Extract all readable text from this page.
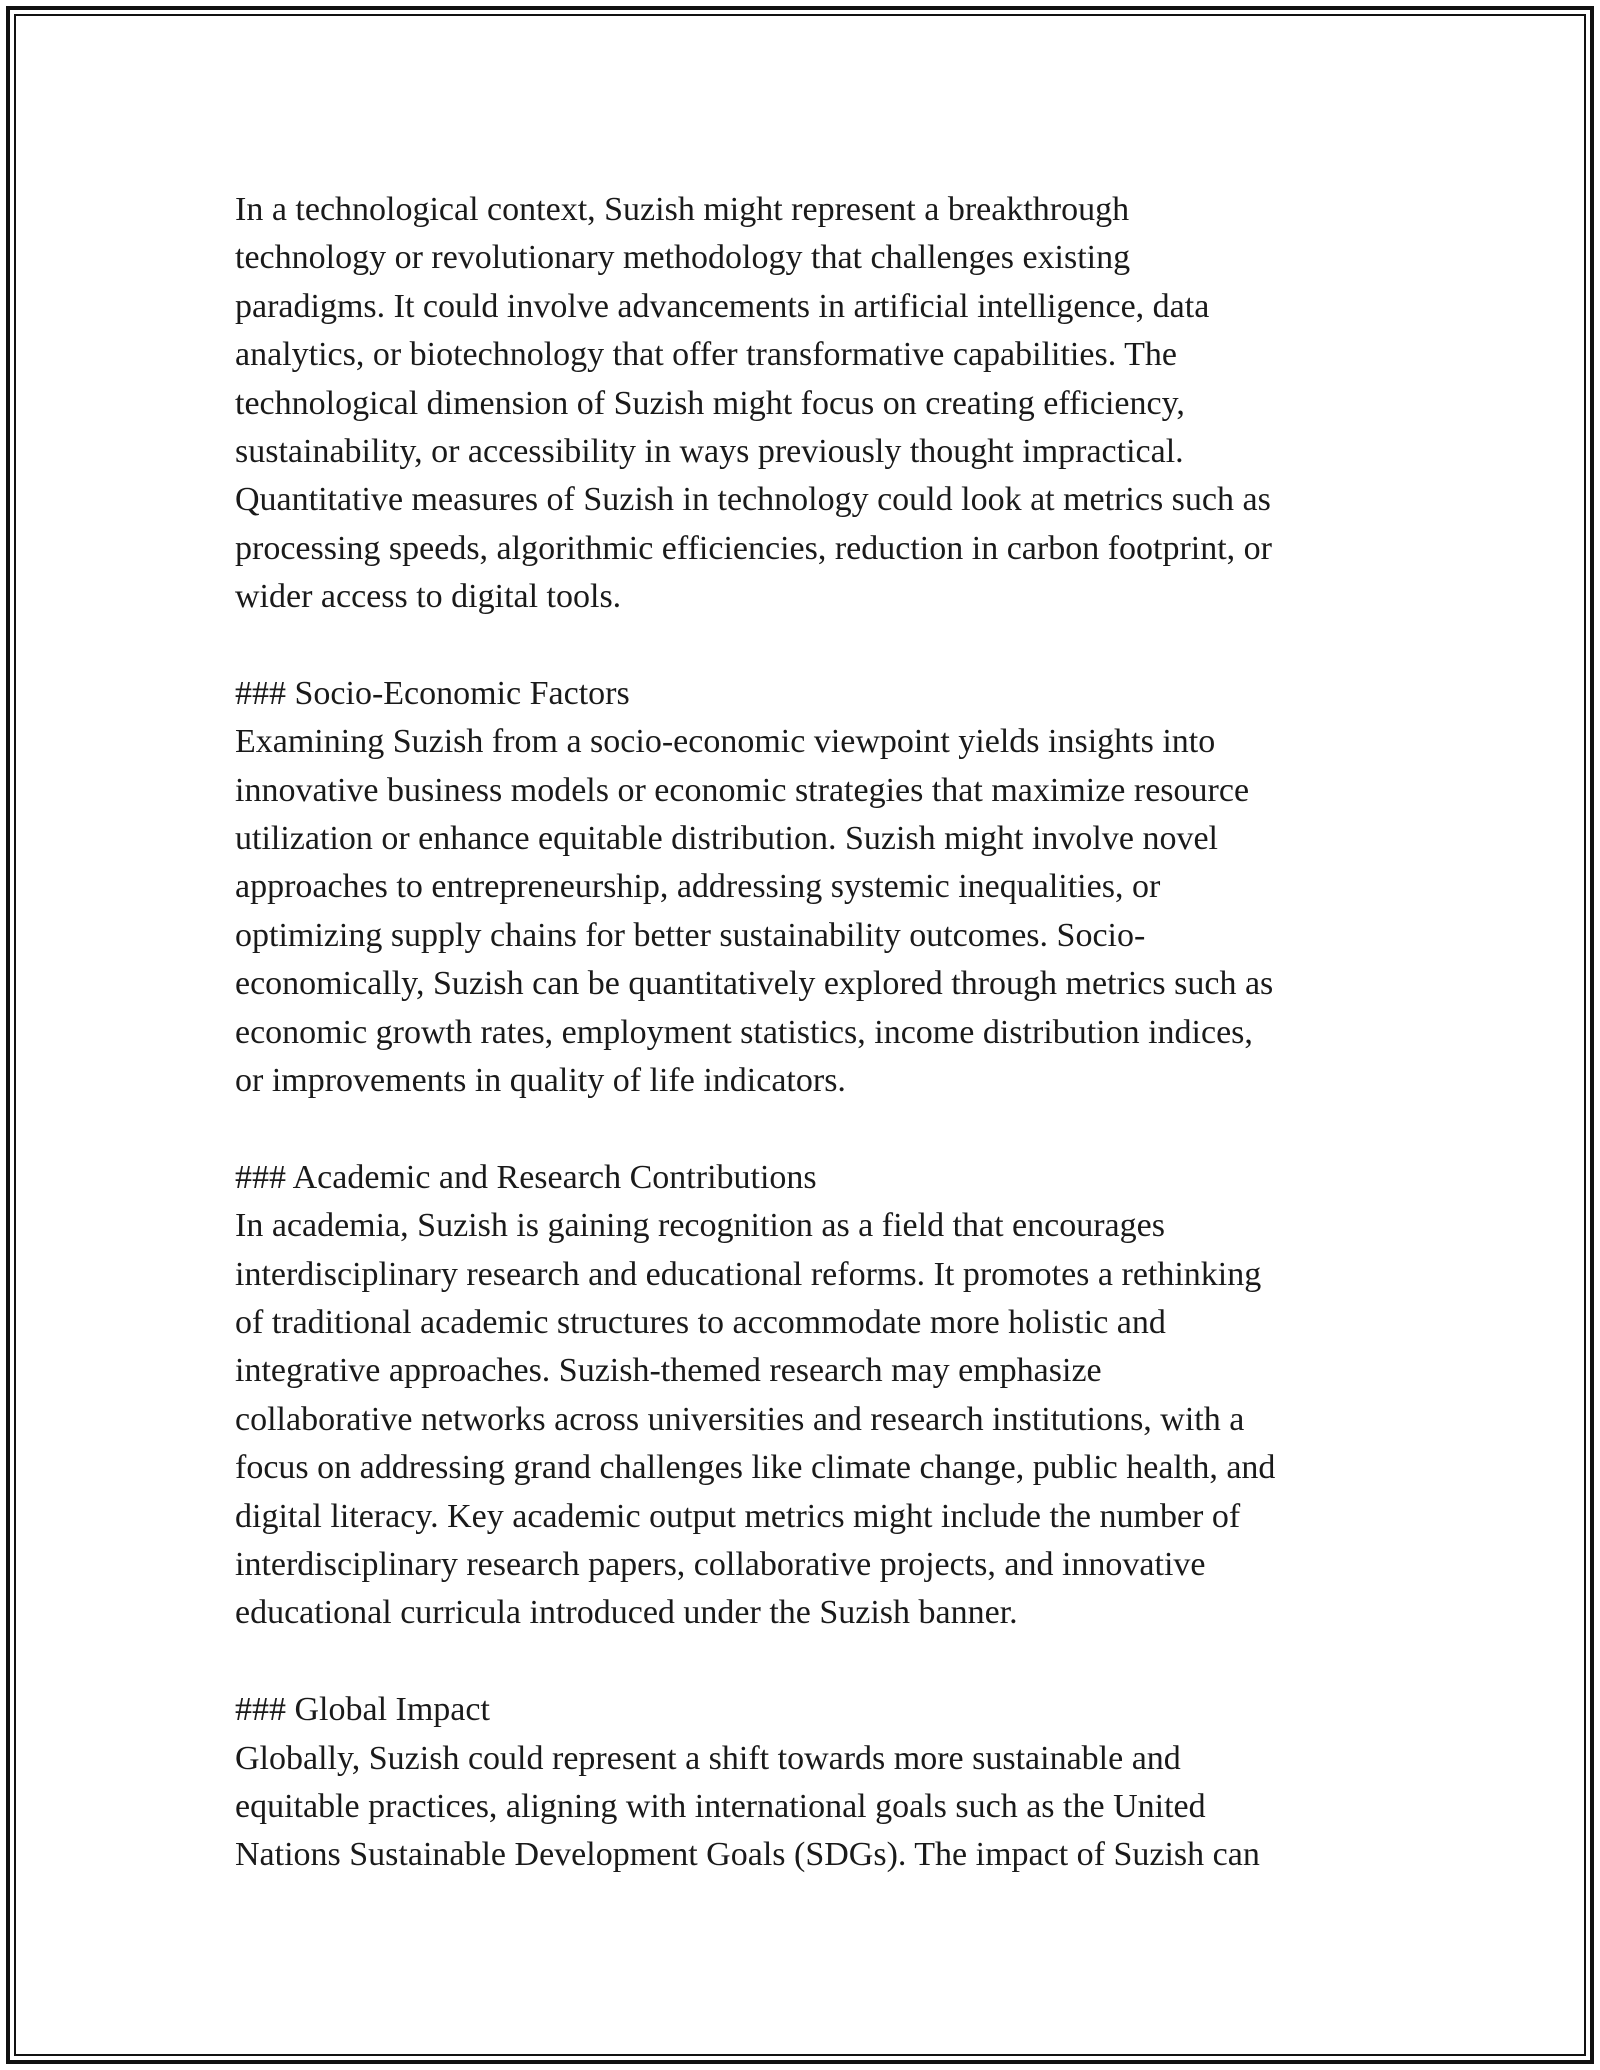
In a technological context, Suzish might represent a breakthrough
technology or revolutionary methodology that challenges existing
paradigms. It could involve advancements in artificial intelligence, data
analytics, or biotechnology that offer transformative capabilities. The
technological dimension of Suzish might focus on creating efficiency,
sustainability, or accessibility in ways previously thought impractical.
Quantitative measures of Suzish in technology could look at metrics such as
processing speeds, algorithmic efficiencies, reduction in carbon footprint, or
wider access to digital tools.
### Socio-Economic Factors
Examining Suzish from a socio-economic viewpoint yields insights into
innovative business models or economic strategies that maximize resource
utilization or enhance equitable distribution. Suzish might involve novel
approaches to entrepreneurship, addressing systemic inequalities, or
optimizing supply chains for better sustainability outcomes. Socio-
economically, Suzish can be quantitatively explored through metrics such as
economic growth rates, employment statistics, income distribution indices,
or improvements in quality of life indicators.
### Academic and Research Contributions
In academia, Suzish is gaining recognition as a field that encourages
interdisciplinary research and educational reforms. It promotes a rethinking
of traditional academic structures to accommodate more holistic and
integrative approaches. Suzish-themed research may emphasize
collaborative networks across universities and research institutions, with a
focus on addressing grand challenges like climate change, public health, and
digital literacy. Key academic output metrics might include the number of
interdisciplinary research papers, collaborative projects, and innovative
educational curricula introduced under the Suzish banner.
### Global Impact
Globally, Suzish could represent a shift towards more sustainable and
equitable practices, aligning with international goals such as the United
Nations Sustainable Development Goals (SDGs). The impact of Suzish can
